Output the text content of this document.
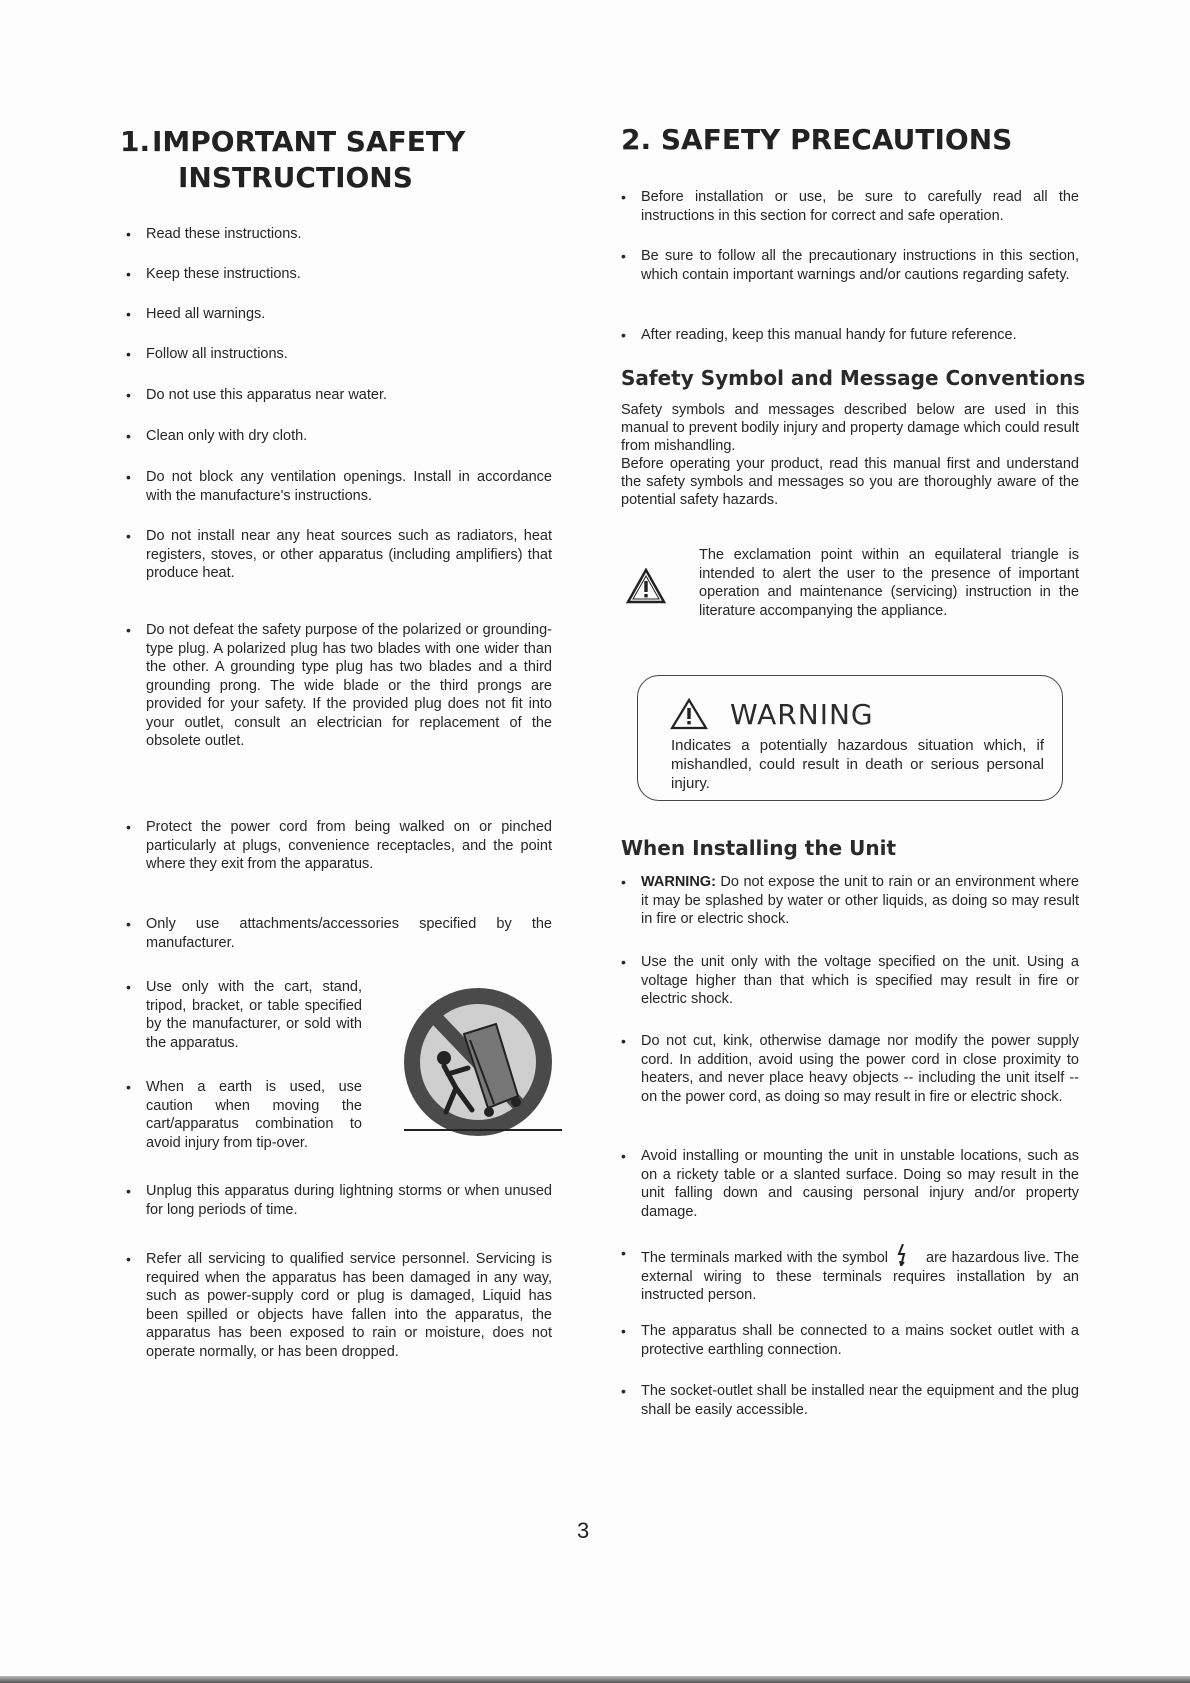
1.IMPORTANT SAFETY
INSTRUCTIONS
• Read these instructions.
• Keep these instructions.
• Heed all warnings.
• Follow all instructions.
• Do not use this apparatus near water.
• Clean only with dry cloth.
• Do not block any ventilation openings. Install in accordance with the manufacture's instructions.
• Do not install near any heat sources such as radiators, heat registers, stoves, or other apparatus (including amplifiers) that produce heat.
• Do not defeat the safety purpose of the polarized or grounding-type plug. A polarized plug has two blades with one wider than the other. A grounding type plug has two blades and a third grounding prong. The wide blade or the third prongs are provided for your safety. If the provided plug does not fit into your outlet, consult an electrician for replacement of the obsolete outlet.
• Protect the power cord from being walked on or pinched particularly at plugs, convenience receptacles, and the point where they exit from the apparatus.
• Only use attachments/accessories specified by the manufacturer.
• Use only with the cart, stand, tripod, bracket, or table specified by the manufacturer, or sold with the apparatus.
• When a earth is used, use caution when moving the cart/apparatus combination to avoid injury from tip-over.
• Unplug this apparatus during lightning storms or when unused for long periods of time.
• Refer all servicing to qualified service personnel. Servicing is required when the apparatus has been damaged in any way, such as power-supply cord or plug is damaged, Liquid has been spilled or objects have fallen into the apparatus, the apparatus has been exposed to rain or moisture, does not operate normally, or has been dropped.
2. SAFETY PRECAUTIONS
• Before installation or use, be sure to carefully read all the instructions in this section for correct and safe operation.
• Be sure to follow all the precautionary instructions in this section, which contain important warnings and/or cautions regarding safety.
• After reading, keep this manual handy for future reference.
Safety Symbol and Message Conventions

Safety symbols and messages described below are used in this manual to prevent bodily injury and property damage which could result from mishandling.

Before operating your product, read this manual first and understand the safety symbols and messages so you are thoroughly aware of the potential safety hazards.

The exclamation point within an equilateral triangle is intended to alert the user to the presence of important operation and maintenance (servicing) instruction in the literature accompanying the appliance.
WARNING
Indicates a potentially hazardous situation which, if mishandled, could result in death or serious personal injury.
When Installing the Unit
• WARNING: Do not expose the unit to rain or an environment where it may be splashed by water or other liquids, as doing so may result in fire or electric shock.
• Use the unit only with the voltage specified on the unit. Using a voltage higher than that which is specified may result in fire or electric shock.
• Do not cut, kink, otherwise damage nor modify the power supply cord. In addition, avoid using the power cord in close proximity to heaters, and never place heavy objects -- including the unit itself -- on the power cord, as doing so may result in fire or electric shock.
• Avoid installing or mounting the unit in unstable locations, such as on a rickety table or a slanted surface. Doing so may result in the unit falling down and causing personal injury and/or property damage.
• The terminals marked with the symbol	are hazardous live. The external wiring to these terminals requires installation by an instructed person.
• The apparatus shall be connected to a mains socket outlet with a protective earthling connection.
• The socket-outlet shall be installed near the equipment and the plug shall be easily accessible.
3
